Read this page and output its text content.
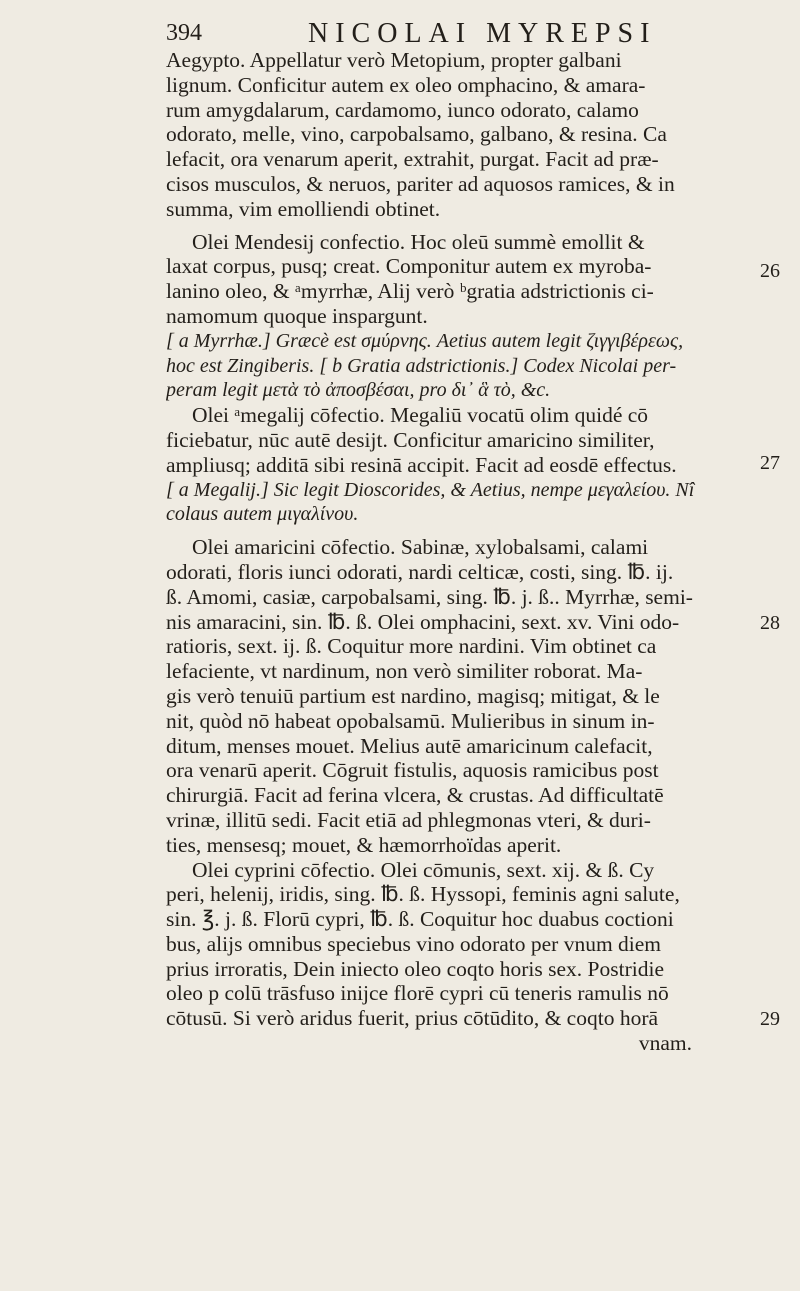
394	NICOLAI MYREPSI
26
27
28
29
Aegypto. Appellatur verò Metopium, propter galbani
lignum. Conficitur autem ex oleo omphacino, & amara-
rum amygdalarum, cardamomo, iunco odorato, calamo
odorato, melle, vino, carpobalsamo, galbano, & resina. Ca
lefacit, ora venarum aperit, extrahit, purgat. Facit ad præ-
cisos musculos, & neruos, pariter ad aquosos ramices, & in
summa, vim emolliendi obtinet.
Olei Mendesij confectio. Hoc oleū summè emollit &
laxat corpus, pusq; creat. Componitur autem ex myroba-
lanino oleo, & ᵃmyrrhæ, Alij verò ᵇgratia adstrictionis ci-
namomum quoque inspargunt.
[ a Myrrhæ.] Græcè est σμύρνης. Aetius autem legit ζιγγιβέρεως,
hoc est Zingiberis. [ b Gratia adstrictionis.] Codex Nicolai per-
peram legit μετὰ τὸ ἀποσβέσαι, pro δι᾽ ἃ τὸ, &c.
Olei ᵃmegalij cōfectio. Megaliū vocatū olim quidé cō
ficiebatur, nūc autē desijt. Conficitur amaricino similiter,
ampliusq; additā sibi resinā accipit. Facit ad eosdē effectus.
[ a Megalij.] Sic legit Dioscorides, & Aetius, nempe μεγαλείου. Nî
colaus autem μιγαλίνου.
Olei amaricini cōfectio. Sabinæ, xylobalsami, calami
odorati, floris iunci odorati, nardi celticæ, costi, sing. ℔. ij.
ß. Amomi, casiæ, carpobalsami, sing. ℔. j. ß.. Myrrhæ, semi-
nis amaracini, sin. ℔. ß. Olei omphacini, sext. xv. Vini odo-
ratioris, sext. ij. ß. Coquitur more nardini. Vim obtinet ca
lefaciente, vt nardinum, non verò similiter roborat. Ma-
gis verò tenuiū partium est nardino, magisq; mitigat, & le
nit, quòd nō habeat opobalsamū. Mulieribus in sinum in-
ditum, menses mouet. Melius autē amaricinum calefacit,
ora venarū aperit. Cōgruit fistulis, aquosis ramicibus post
chirurgiā. Facit ad ferina vlcera, & crustas. Ad difficultatē
vrinæ, illitū sedi. Facit etiā ad phlegmonas vteri, & duri-
ties, mensesq; mouet, & hæmorrhoïdas aperit.
Olei cyprini cōfectio. Olei cōmunis, sext. xij. & ß. Cy
peri, helenij, iridis, sing. ℔. ß. Hyssopi, feminis agni salute,
sin. ℥. j. ß. Florū cypri, ℔. ß. Coquitur hoc duabus coctioni
bus, alijs omnibus speciebus vino odorato per vnum diem
prius irroratis, Dein iniecto oleo coqto horis sex. Postridie
oleo p colū trāsfuso inijce florē cypri cū teneris ramulis nō
cōtusū. Si verò aridus fuerit, prius cōtūdito, & coqto horā
vnam.
